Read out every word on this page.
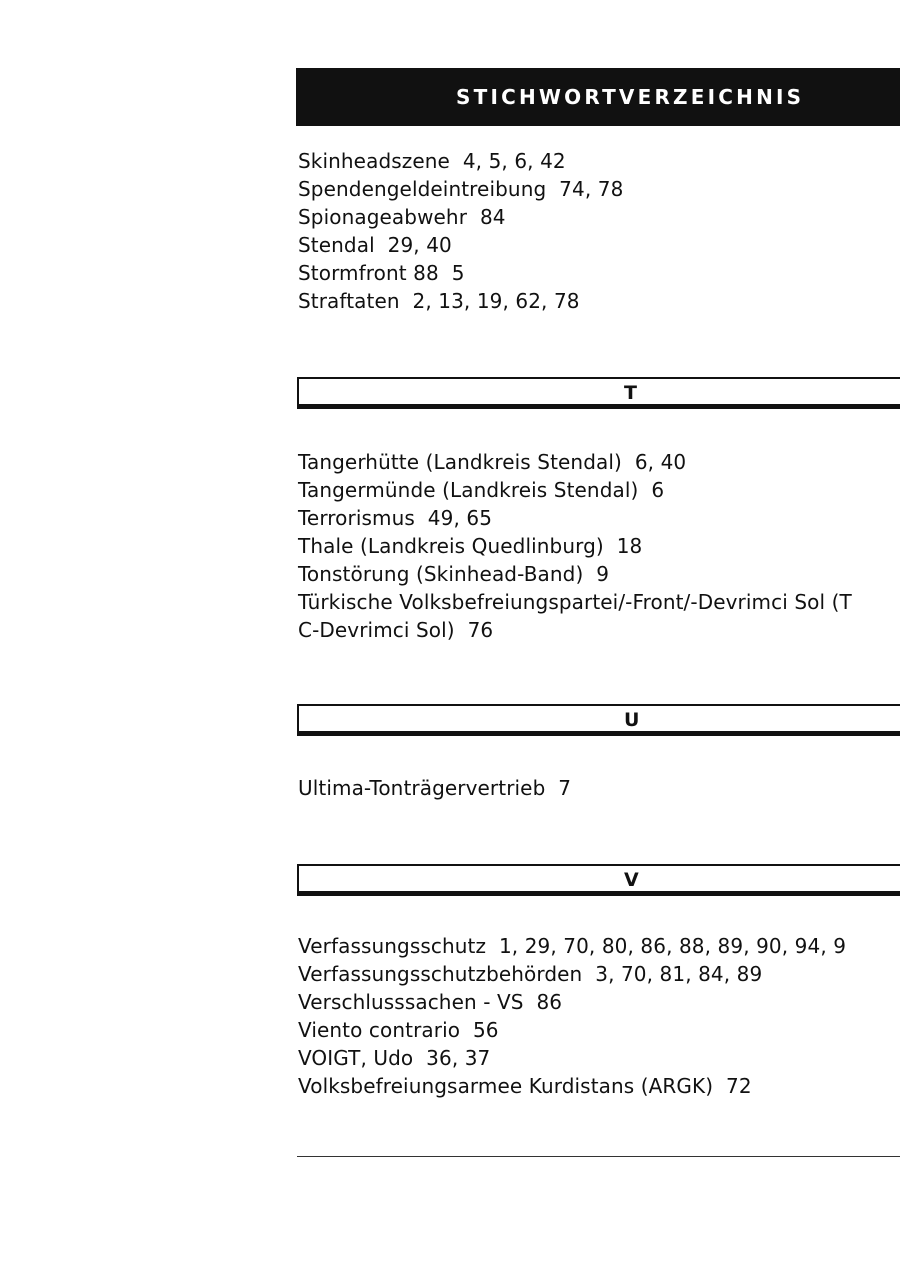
STICHWORTVERZEICHNIS
Skinheadszene  4, 5, 6, 42
Spendengeldeintreibung  74, 78
Spionageabwehr  84
Stendal  29, 40
Stormfront 88  5
Straftaten  2, 13, 19, 62, 78
T
Tangerhütte (Landkreis Stendal)  6, 40
Tangermünde (Landkreis Stendal)  6
Terrorismus  49, 65
Thale (Landkreis Quedlinburg)  18
Tonstörung (Skinhead-Band)  9
Türkische Volksbefreiungspartei/-Front/-Devrimci Sol (T
C-Devrimci Sol)  76
U
Ultima-Tonträgervertrieb  7
V
Verfassungsschutz  1, 29, 70, 80, 86, 88, 89, 90, 94, 9
Verfassungsschutzbehörden  3, 70, 81, 84, 89
Verschlusssachen - VS  86
Viento contrario  56
VOIGT, Udo  36, 37
Volksbefreiungsarmee Kurdistans (ARGK)  72
